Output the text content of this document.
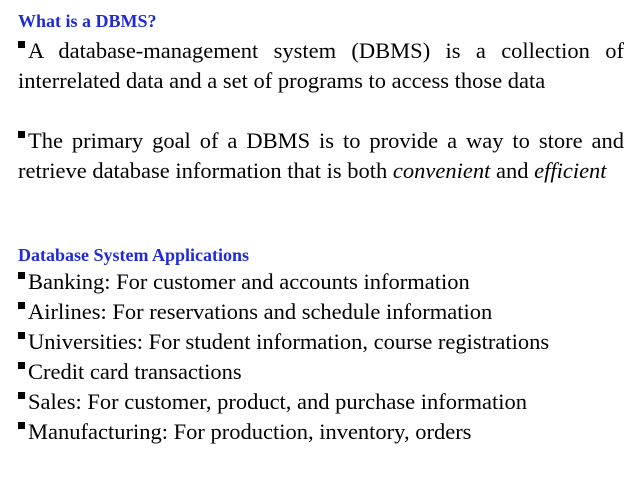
What is a DBMS?
A database-management system (DBMS) is a collection of interrelated data and a set of programs to access those data
The primary goal of a DBMS is to provide a way to store and retrieve database information that is both convenient and efficient
Database System Applications
Banking: For customer and accounts information
Airlines: For reservations and schedule information
Universities: For student information, course registrations
Credit card transactions
Sales: For customer, product, and purchase information
Manufacturing: For production, inventory, orders
